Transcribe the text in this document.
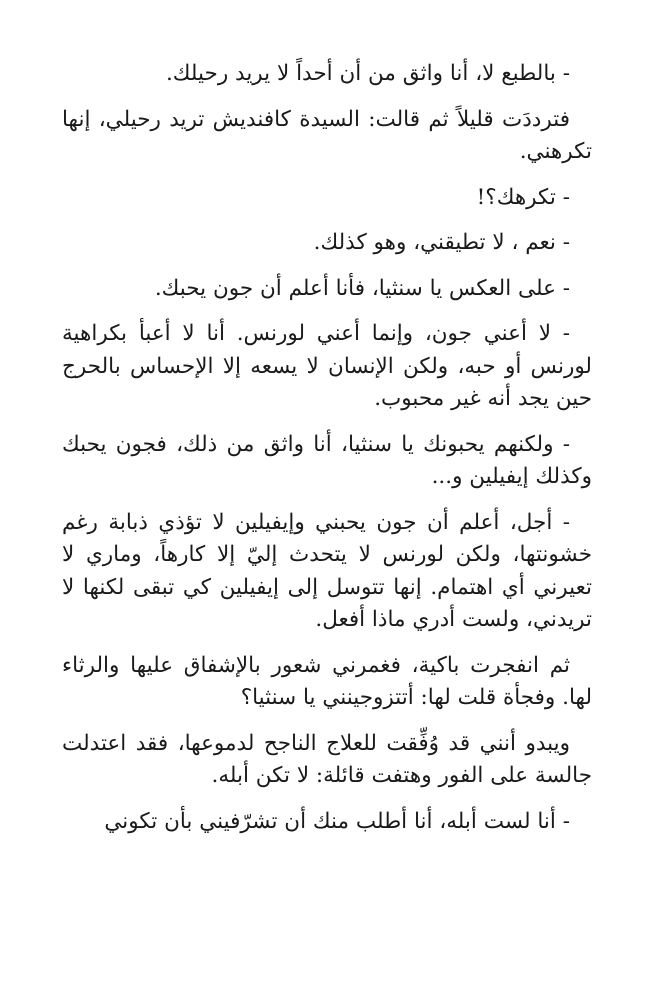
- بالطبع لا، أنا واثق من أن أحداً لا يريد رحيلك.

فترددَت قليلاً ثم قالت: السيدة كافنديش تريد رحيلي، إنها تكرهني.

- تكرهك؟!

- نعم ، لا تطيقني، وهو كذلك.

- على العكس يا سنثيا، فأنا أعلم أن جون يحبك.

- لا أعني جون، وإنما أعني لورنس. أنا لا أعبأ بكراهية لورنس أو حبه، ولكن الإنسان لا يسعه إلا الإحساس بالحرج حين يجد أنه غير محبوب.

- ولكنهم يحبونك يا سنثيا، أنا واثق من ذلك، فجون يحبك وكذلك إيفيلين و...

- أجل، أعلم أن جون يحبني وإيفيلين لا تؤذي ذبابة رغم خشونتها، ولكن لورنس لا يتحدث إليّ إلا كارهاً، وماري لا تعيرني أي اهتمام. إنها تتوسل إلى إيفيلين كي تبقى لكنها لا تريدني، ولست أدري ماذا أفعل.

ثم انفجرت باكية، فغمرني شعور بالإشفاق عليها والرثاء لها. وفجأة قلت لها: أتتزوجينني يا سنثيا؟

ويبدو أنني قد وُفِّقت للعلاج الناجح لدموعها، فقد اعتدلت جالسة على الفور وهتفت قائلة: لا تكن أبله.

- أنا لست أبله، أنا أطلب منك أن تشرّفيني بأن تكوني
